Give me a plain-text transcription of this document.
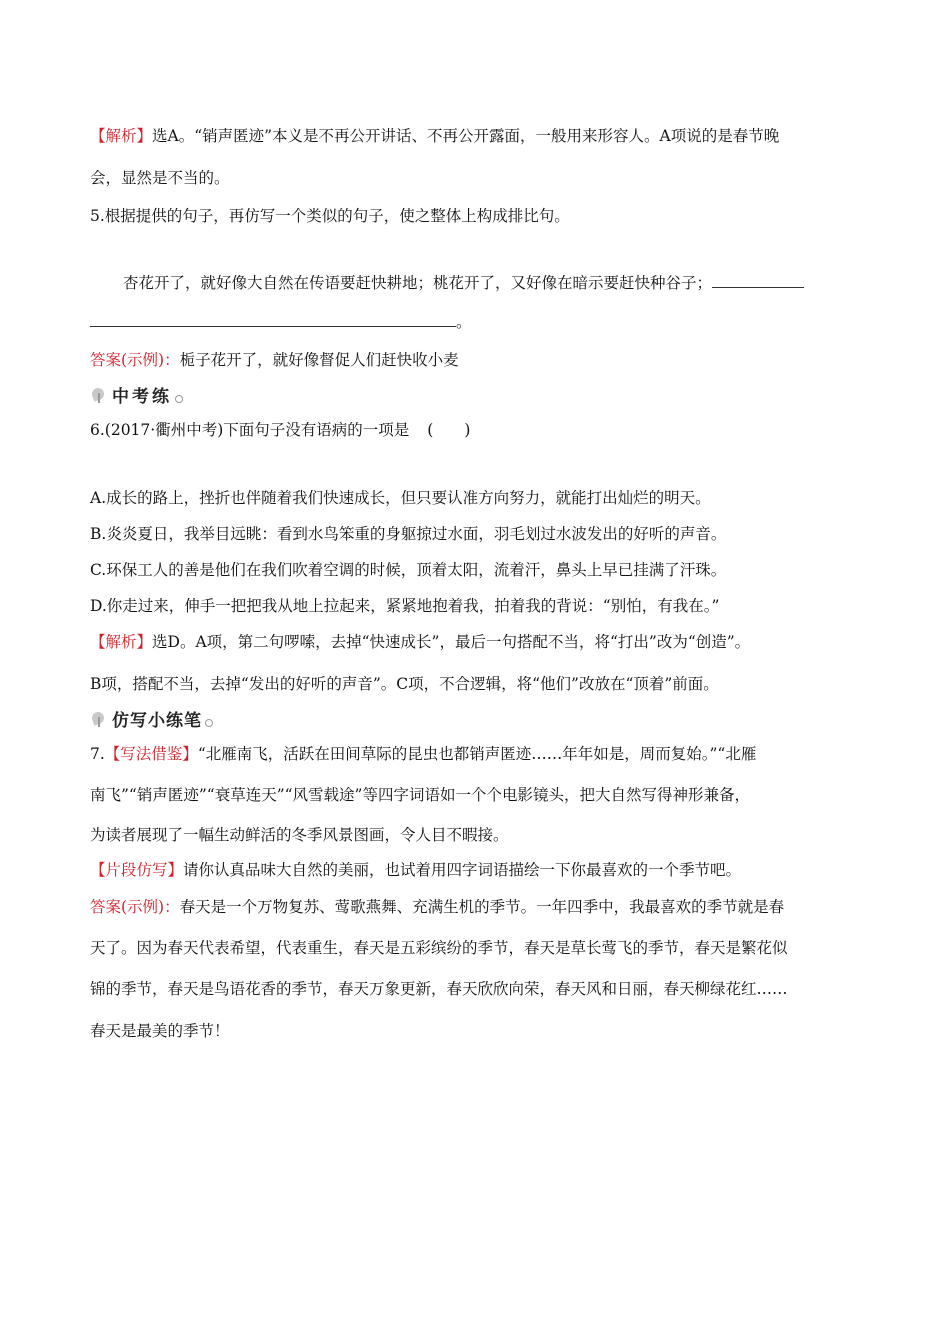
【解析】选A。“销声匿迹”本义是不再公开讲话、不再公开露面，一般用来形容人。A项说的是春节晚
会，显然是不当的。
5.根据提供的句子，再仿写一个类似的句子，使之整体上构成排比句。
杏花开了，就好像大自然在传语要赶快耕地；桃花开了，又好像在暗示要赶快种谷子；
。
答案(示例)：栀子花开了，就好像督促人们赶快收小麦
中考练
6.(2017·衢州中考)下面句子没有语病的一项是 (　　)
A.成长的路上，挫折也伴随着我们快速成长，但只要认准方向努力，就能打出灿烂的明天。
B.炎炎夏日，我举目远眺：看到水鸟笨重的身躯掠过水面，羽毛划过水波发出的好听的声音。
C.环保工人的善是他们在我们吹着空调的时候，顶着太阳，流着汗，鼻头上早已挂满了汗珠。
D.你走过来，伸手一把把我从地上拉起来，紧紧地抱着我，拍着我的背说：“别怕，有我在。”
【解析】选D。A项，第二句啰嗦，去掉“快速成长”，最后一句搭配不当，将“打出”改为“创造”。
B项，搭配不当，去掉“发出的好听的声音”。C项，不合逻辑，将“他们”改放在“顶着”前面。
仿写小练笔
7.【写法借鉴】“北雁南飞，活跃在田间草际的昆虫也都销声匿迹……年年如是，周而复始。”“北雁
南飞”“销声匿迹”“衰草连天”“风雪载途”等四字词语如一个个电影镜头，把大自然写得神形兼备，
为读者展现了一幅生动鲜活的冬季风景图画，令人目不暇接。
【片段仿写】请你认真品味大自然的美丽，也试着用四字词语描绘一下你最喜欢的一个季节吧。
答案(示例)：春天是一个万物复苏、莺歌燕舞、充满生机的季节。一年四季中，我最喜欢的季节就是春
天了。因为春天代表希望，代表重生，春天是五彩缤纷的季节，春天是草长莺飞的季节，春天是繁花似
锦的季节，春天是鸟语花香的季节，春天万象更新，春天欣欣向荣，春天风和日丽，春天柳绿花红……
春天是最美的季节！
